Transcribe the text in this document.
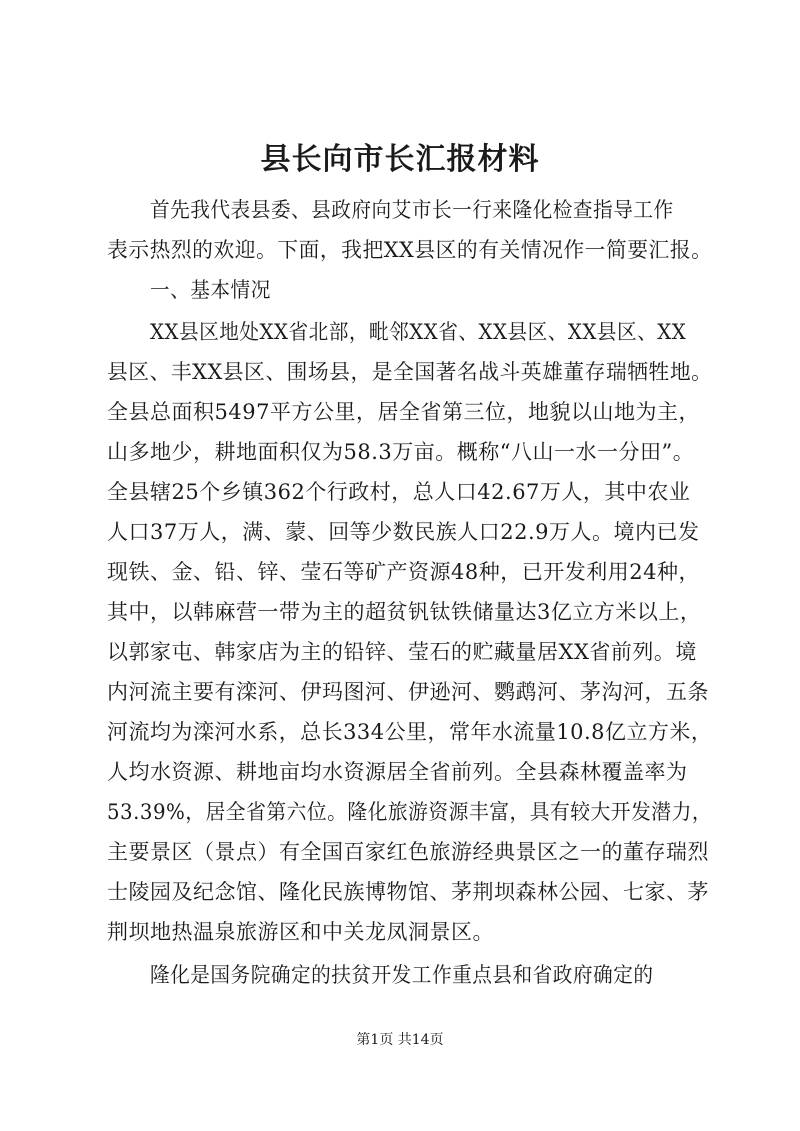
县长向市长汇报材料
首先我代表县委、县政府向艾市长一行来隆化检查指导工作
表示热烈的欢迎。下面，我把XX县区的有关情况作一简要汇报。
一、基本情况
XX县区地处XX省北部，毗邻XX省、XX县区、XX县区、XX
县区、丰XX县区、围场县，是全国著名战斗英雄董存瑞牺牲地。
全县总面积5497平方公里，居全省第三位，地貌以山地为主，
山多地少，耕地面积仅为58.3万亩。概称“八山一水一分田”。
全县辖25个乡镇362个行政村，总人口42.67万人，其中农业
人口37万人，满、蒙、回等少数民族人口22.9万人。境内已发
现铁、金、铅、锌、莹石等矿产资源48种，已开发利用24种，
其中，以韩麻营一带为主的超贫钒钛铁储量达3亿立方米以上，
以郭家屯、韩家店为主的铅锌、莹石的贮藏量居XX省前列。境
内河流主要有滦河、伊玛图河、伊逊河、鹦鹉河、茅沟河，五条
河流均为滦河水系，总长334公里，常年水流量10.8亿立方米，
人均水资源、耕地亩均水资源居全省前列。全县森林覆盖率为
53.39%，居全省第六位。隆化旅游资源丰富，具有较大开发潜力，
主要景区（景点）有全国百家红色旅游经典景区之一的董存瑞烈
士陵园及纪念馆、隆化民族博物馆、茅荆坝森林公园、七家、茅
荆坝地热温泉旅游区和中关龙凤洞景区。
隆化是国务院确定的扶贫开发工作重点县和省政府确定的
第1页 共14页
